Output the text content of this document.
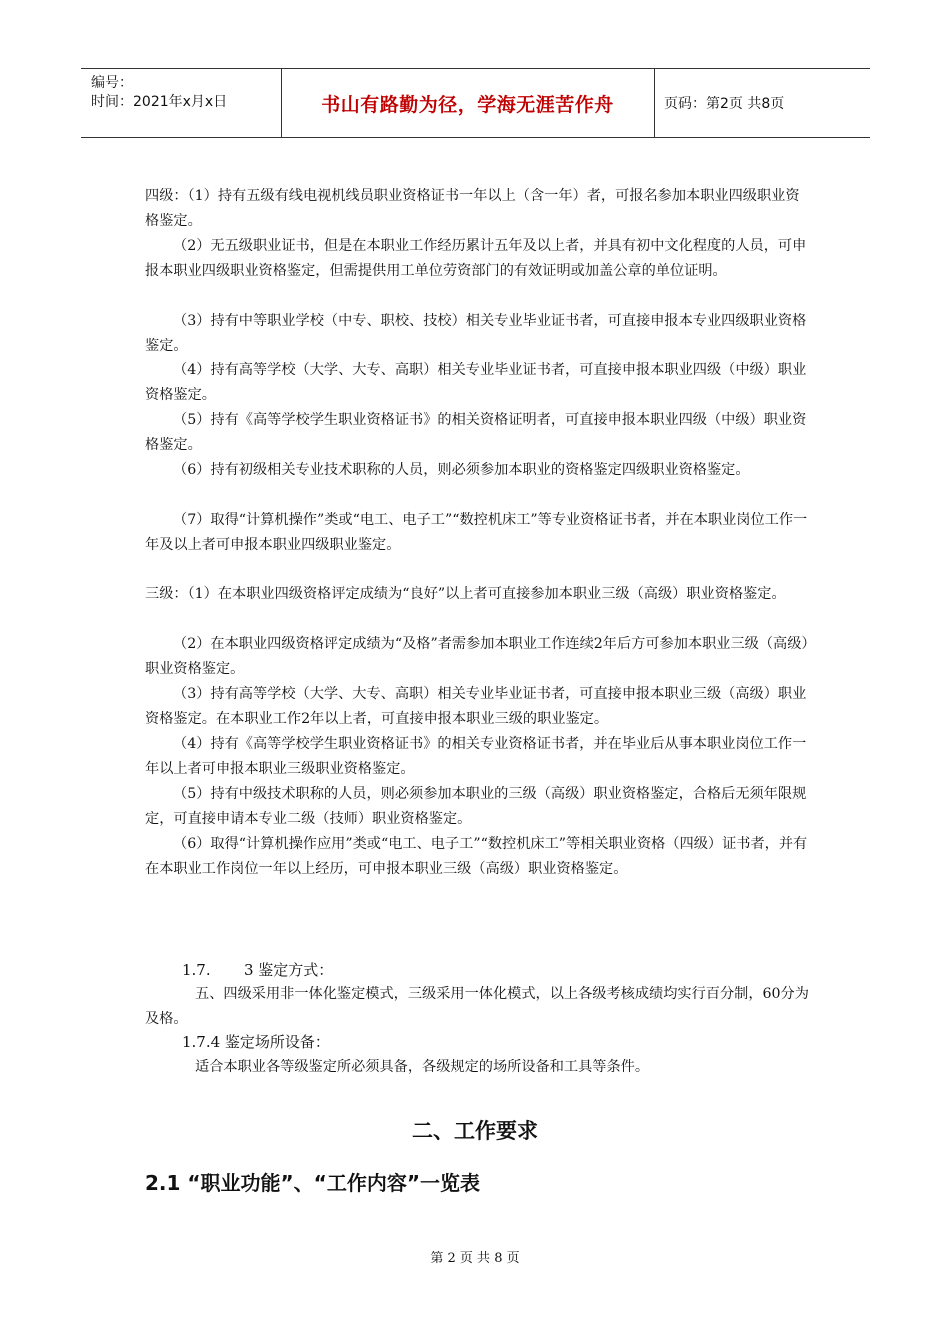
编号：
时间：2021年x月x日	书山有路勤为径，学海无涯苦作舟	页码：第2页 共8页

四级：（1）持有五级有线电视机线员职业资格证书一年以上（含一年）者，可报名参加本职业四级职业资格鉴定。

（2）无五级职业证书，但是在本职业工作经历累计五年及以上者，并具有初中文化程度的人员，可申报本职业四级职业资格鉴定，但需提供用工单位劳资部门的有效证明或加盖公章的单位证明。

（3）持有中等职业学校（中专、职校、技校）相关专业毕业证书者，可直接申报本专业四级职业资格鉴定。

（4）持有高等学校（大学、大专、高职）相关专业毕业证书者，可直接申报本职业四级（中级）职业资格鉴定。

（5）持有《高等学校学生职业资格证书》的相关资格证明者，可直接申报本职业四级（中级）职业资格鉴定。

（6）持有初级相关专业技术职称的人员，则必须参加本职业的资格鉴定四级职业资格鉴定。

（7）取得“计算机操作”类或“电工、电子工”“数控机床工”等专业资格证书者，并在本职业岗位工作一年及以上者可申报本职业四级职业鉴定。

三级：（1）在本职业四级资格评定成绩为“良好”以上者可直接参加本职业三级（高级）职业资格鉴定。

（2）在本职业四级资格评定成绩为“及格”者需参加本职业工作连续2年后方可参加本职业三级（高级）职业资格鉴定。

（3）持有高等学校（大学、大专、高职）相关专业毕业证书者，可直接申报本职业三级（高级）职业资格鉴定。在本职业工作2年以上者，可直接申报本职业三级的职业鉴定。

（4）持有《高等学校学生职业资格证书》的相关专业资格证书者，并在毕业后从事本职业岗位工作一年以上者可申报本职业三级职业资格鉴定。

（5）持有中级技术职称的人员，则必须参加本职业的三级（高级）职业资格鉴定，合格后无须年限规定，可直接申请本专业二级（技师）职业资格鉴定。

（6）取得“计算机操作应用”类或“电工、电子工”“数控机床工”等相关职业资格（四级）证书者，并有在本职业工作岗位一年以上经历，可申报本职业三级（高级）职业资格鉴定。

1.7. 3 鉴定方式：

五、四级采用非一体化鉴定模式，三级采用一体化模式，以上各级考核成绩均实行百分制，60分为及格。

1.7.4 鉴定场所设备：

适合本职业各等级鉴定所必须具备，各级规定的场所设备和工具等条件。

二、工作要求
2.1 “职业功能”、“工作内容”一览表
第 2 页 共 8 页
